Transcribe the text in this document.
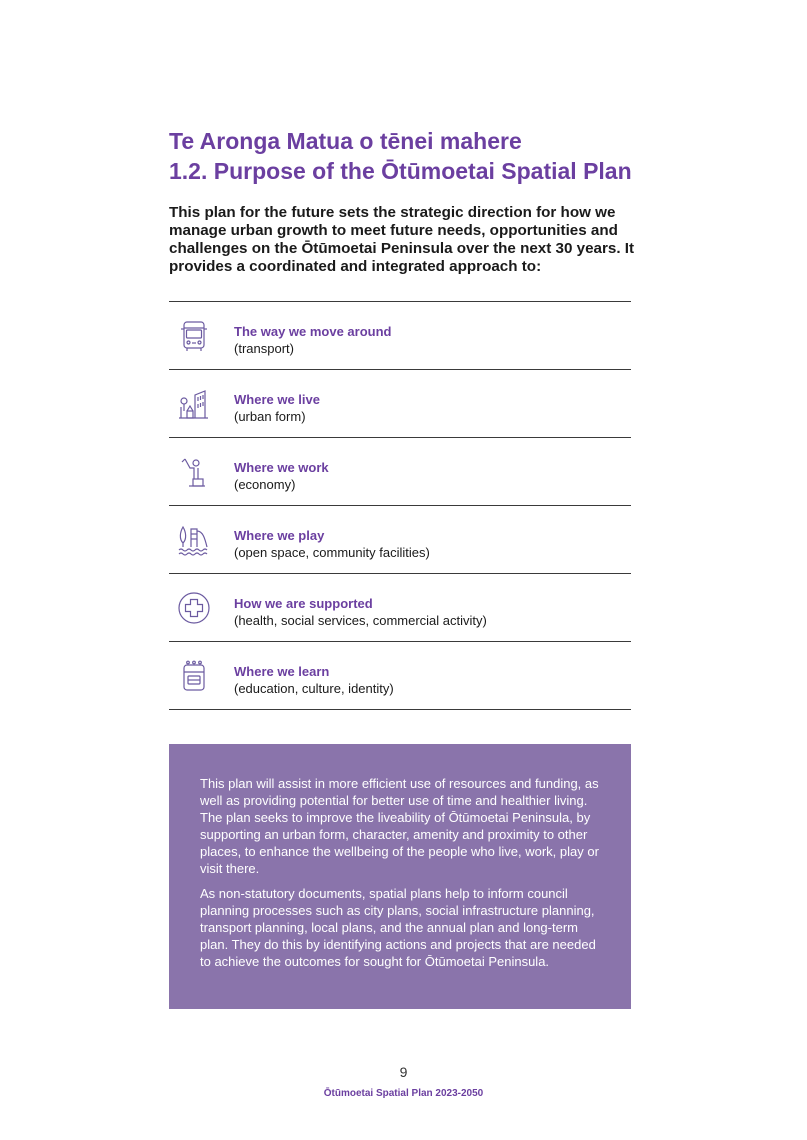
Te Aronga Matua o tēnei mahere
1.2. Purpose of the Ōtūmoetai Spatial Plan

This plan for the future sets the strategic direction for how we manage urban growth to meet future needs, opportunities and challenges on the Ōtūmoetai Peninsula over the next 30 years. It provides a coordinated and integrated approach to:

The way we move around
(transport)
Where we live
(urban form)
Where we work
(economy)
Where we play
(open space, community facilities)
How we are supported
(health, social services, commercial activity)
Where we learn
(education, culture, identity)

This plan will assist in more efficient use of resources and funding, as well as providing potential for better use of time and healthier living. The plan seeks to improve the liveability of Ōtūmoetai Peninsula, by supporting an urban form, character, amenity and proximity to other places, to enhance the wellbeing of the people who live, work, play or visit there.

As non-statutory documents, spatial plans help to inform council planning processes such as city plans, social infrastructure planning, transport planning, local plans, and the annual plan and long-term plan. They do this by identifying actions and projects that are needed to achieve the outcomes for sought for Ōtūmoetai Peninsula.

9
Ōtūmoetai Spatial Plan 2023-2050
